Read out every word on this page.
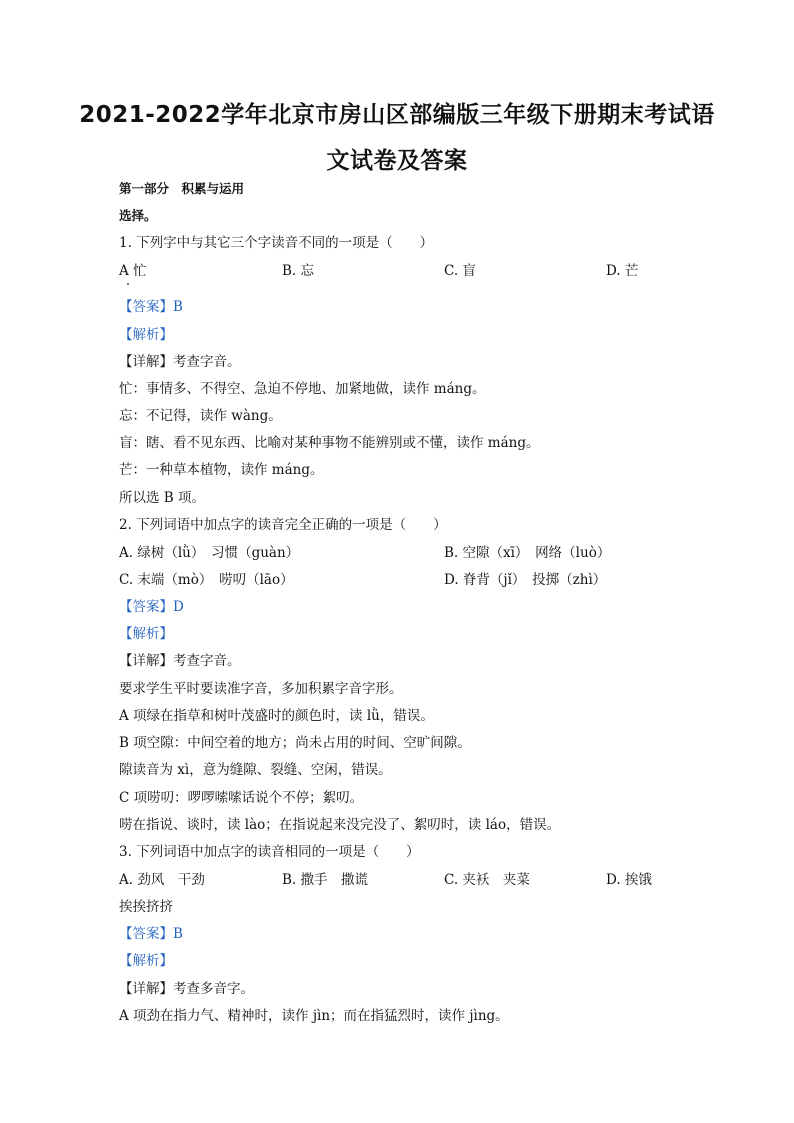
2021-2022学年北京市房山区部编版三年级下册期末考试语
文试卷及答案
第一部分　积累与运用
选择。
1. 下列字中与其它三个字读音不同的一项是（　　）
A 忙	B. 忘	C. 盲	D. 芒
【答案】B
【解析】
【详解】考查字音。
忙：事情多、不得空、急迫不停地、加紧地做，读作 máng。
忘：不记得，读作 wàng。
盲：瞎、看不见东西、比喻对某种事物不能辨别或不懂，读作 máng。
芒：一种草本植物，读作 máng。
所以选 B 项。
2. 下列词语中加点字的读音完全正确的一项是（　　）
A. 绿树（lǜ）　习惯（guàn）	B. 空隙（xī）　网络（luò）
C. 末端（mò）　唠叨（lāo）	D. 脊背（jǐ）　投掷（zhì）
【答案】D
【解析】
【详解】考查字音。
要求学生平时要读准字音，多加积累字音字形。
A 项绿在指草和树叶茂盛时的颜色时，读 lǜ，错误。
B 项空隙：中间空着的地方；尚未占用的时间、空旷间隙。
隙读音为 xì，意为缝隙、裂缝、空闲，错误。
C 项唠叨：啰啰嗦嗦话说个不停；絮叨。
唠在指说、谈时，读 lào；在指说起来没完没了、絮叨时，读 láo，错误。
3. 下列词语中加点字的读音相同的一项是（　　）
A. 劲风　干劲	B. 撒手　撒谎	C. 夹袄　夹菜	D. 挨饿
挨挨挤挤
【答案】B
【解析】
【详解】考查多音字。
A 项劲在指力气、精神时，读作 jìn；而在指猛烈时，读作 jìng。
